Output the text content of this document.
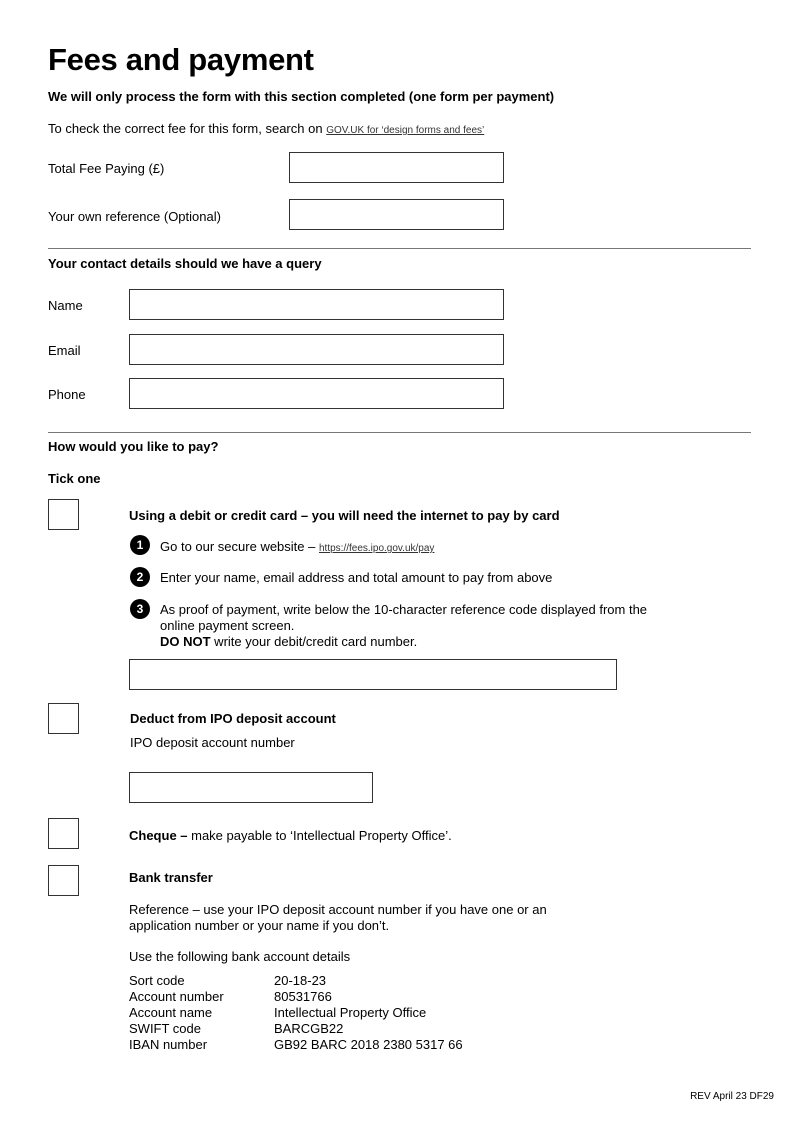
Fees and payment
We will only process the form with this section completed (one form per payment)
To check the correct fee for this form, search on GOV.UK for ‘design forms and fees’
Total Fee Paying (£)
Your own reference (Optional)
Your contact details should we have a query
Name
Email
Phone
How would you like to pay?
Tick one
Using a debit or credit card – you will need the internet to pay by card
1	Go to our secure website – https://fees.ipo.gov.uk/pay
2	Enter your name, email address and total amount to pay from above
3	As proof of payment, write below the 10-character reference code displayed from the
online payment screen.
DO NOT write your debit/credit card number.
Deduct from IPO deposit account
IPO deposit account number
Cheque – make payable to ‘Intellectual Property Office’.
Bank transfer
Reference – use your IPO deposit account number if you have one or an
application number or your name if you don’t.
Use the following bank account details
Sort code	20-18-23
Account number	80531766
Account name	Intellectual Property Office
SWIFT code	BARCGB22
IBAN number	GB92 BARC 2018 2380 5317 66
REV April 23 DF29
